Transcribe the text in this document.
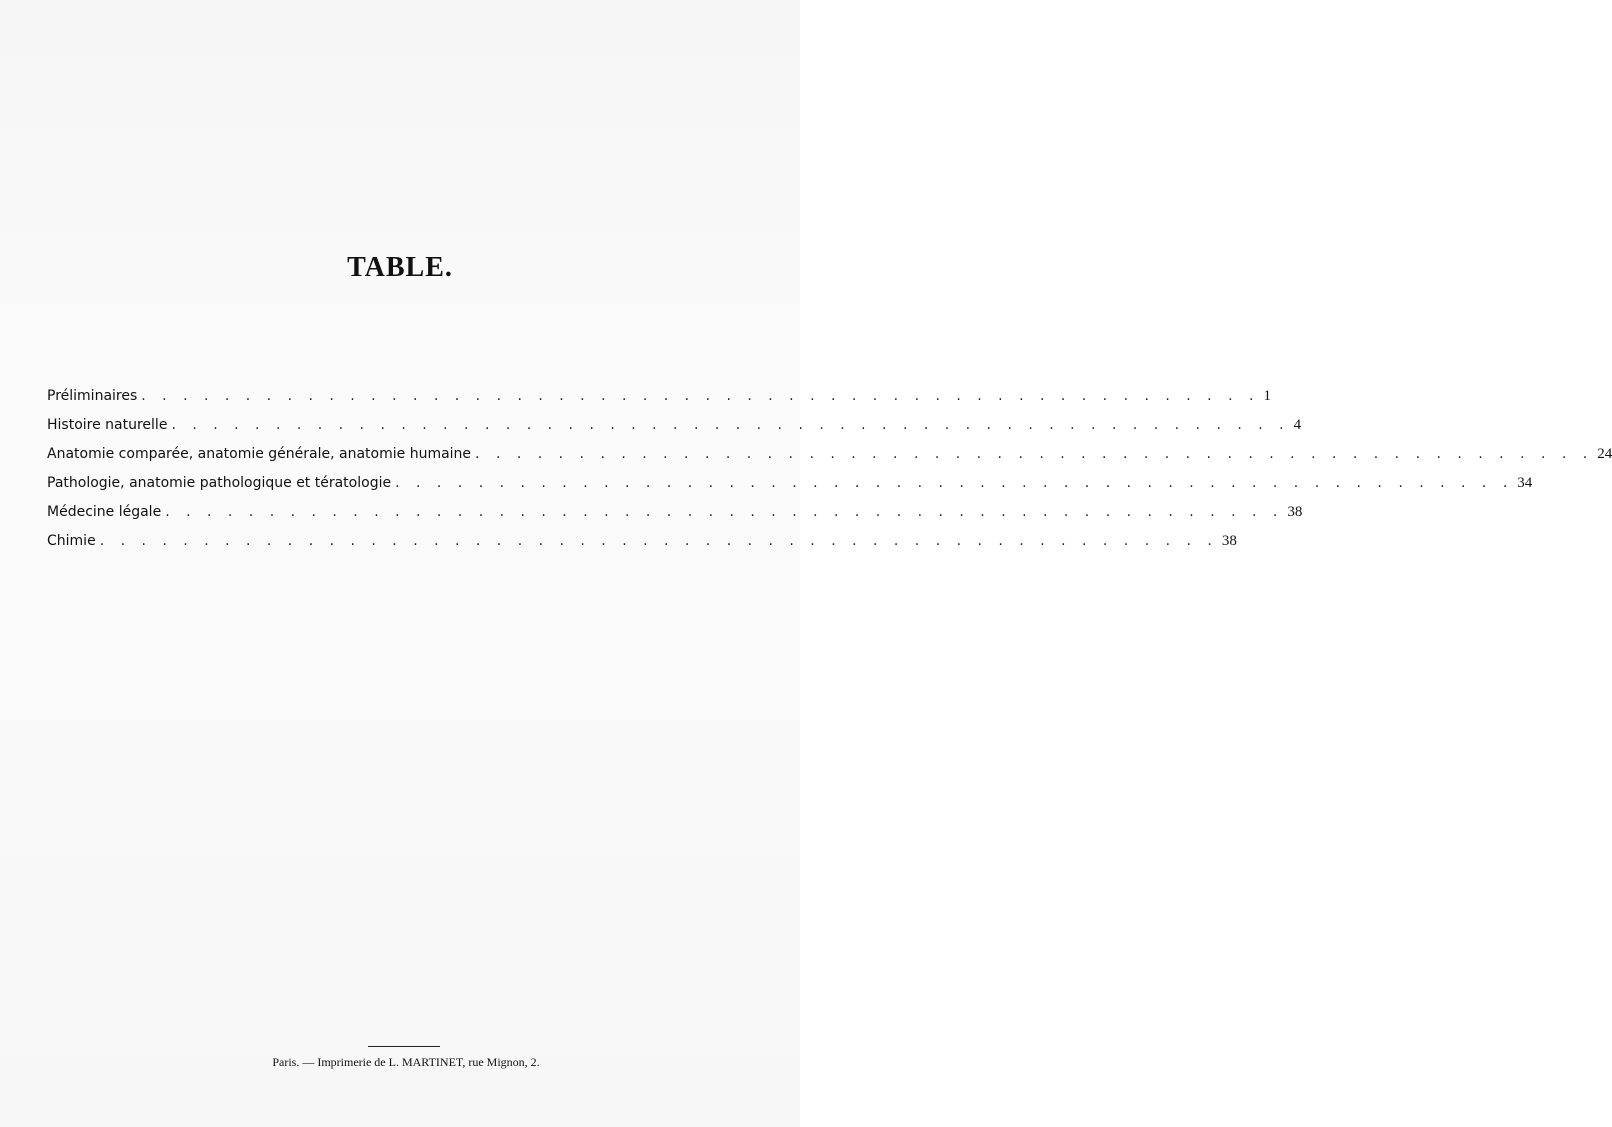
TABLE.
Préliminaires . . . . . . . . . . . . . . . . . . . . . . . . . . . . . . . . . . . . . . . . . . . . . . . . . . . . . . 1
Histoire naturelle . . . . . . . . . . . . . . . . . . . . . . . . . . . . . . . . . . . . . . . . . . . . . . . . . . . . . . 4
Anatomie comparée, anatomie générale, anatomie humaine . . . . . . . . . . . . . . . . . . . . . . . . . . . . . . . . . . . . . . . . . . . . . . . . . . . . . . 24
Pathologie, anatomie pathologique et tératologie . . . . . . . . . . . . . . . . . . . . . . . . . . . . . . . . . . . . . . . . . . . . . . . . . . . . . . 34
Médecine légale . . . . . . . . . . . . . . . . . . . . . . . . . . . . . . . . . . . . . . . . . . . . . . . . . . . . . . 38
Chimie . . . . . . . . . . . . . . . . . . . . . . . . . . . . . . . . . . . . . . . . . . . . . . . . . . . . . . 38
Paris. — Imprimerie de L. MARTINET, rue Mignon, 2.
